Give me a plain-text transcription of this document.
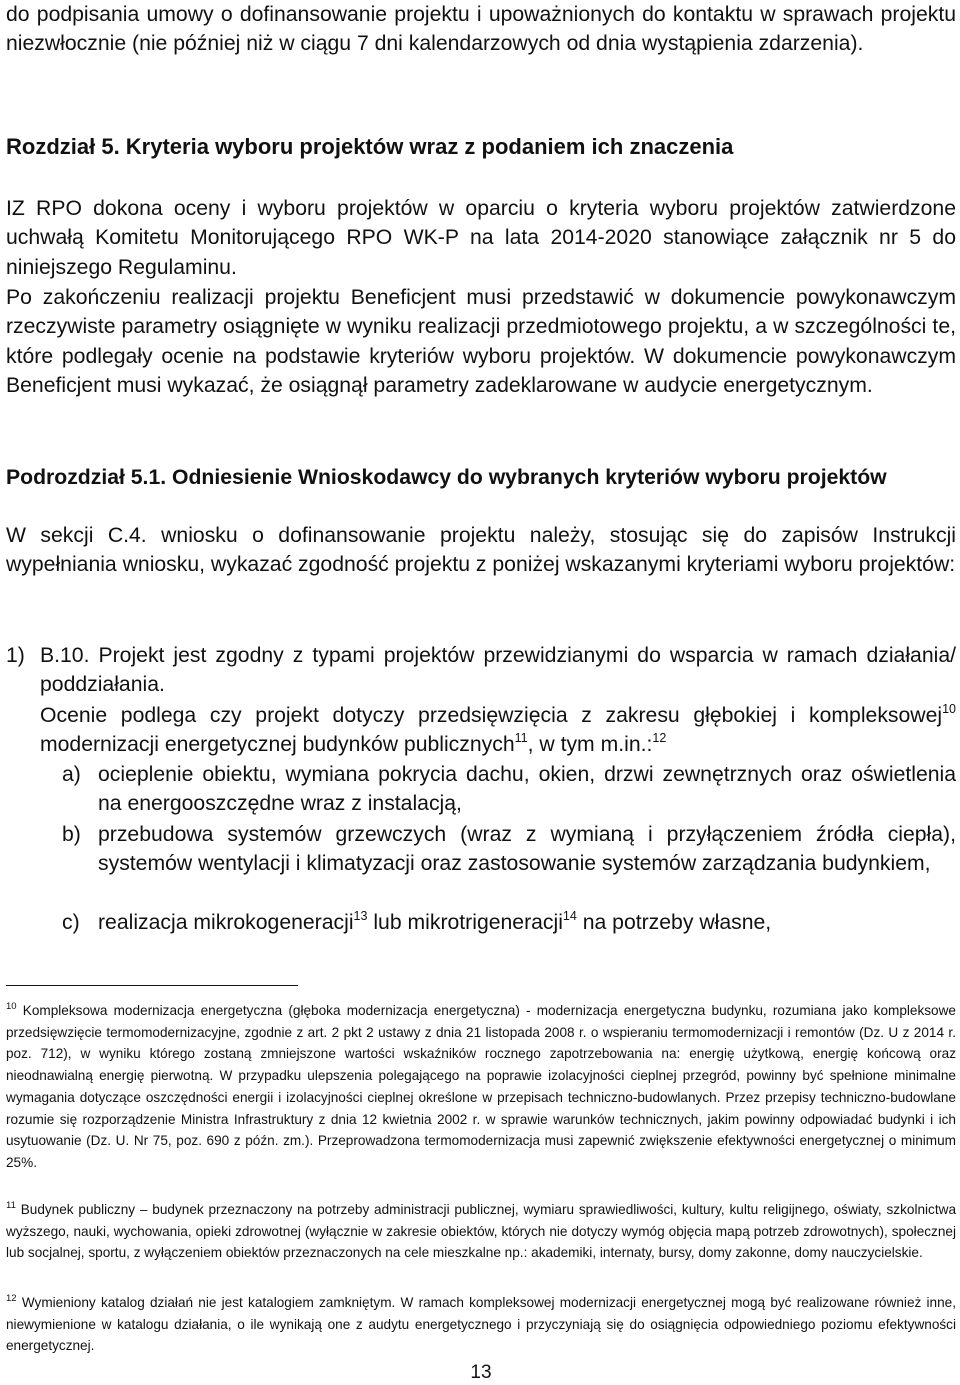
do podpisania umowy o dofinansowanie projektu i upoważnionych do kontaktu w sprawach projektu niezwłocznie (nie później niż w ciągu 7 dni kalendarzowych od dnia wystąpienia zdarzenia).
Rozdział 5. Kryteria wyboru projektów wraz z podaniem ich znaczenia
IZ RPO dokona oceny i wyboru projektów w oparciu o kryteria wyboru projektów zatwierdzone uchwałą Komitetu Monitorującego RPO WK-P na lata 2014-2020 stanowiące załącznik nr 5 do niniejszego Regulaminu.
Po zakończeniu realizacji projektu Beneficjent musi przedstawić w dokumencie powykonawczym rzeczywiste parametry osiągnięte w wyniku realizacji przedmiotowego projektu, a w szczególności te, które podlegały ocenie na podstawie kryteriów wyboru projektów. W dokumencie powykonawczym Beneficjent musi wykazać, że osiągnął parametry zadeklarowane w audycie energetycznym.
Podrozdział 5.1. Odniesienie Wnioskodawcy do wybranych kryteriów wyboru projektów
W sekcji C.4. wniosku o dofinansowanie projektu należy, stosując się do zapisów Instrukcji wypełniania wniosku, wykazać zgodność projektu z poniżej wskazanymi kryteriami wyboru projektów:
1) B.10. Projekt jest zgodny z typami projektów przewidzianymi do wsparcia w ramach działania/ poddziałania.
Ocenie podlega czy projekt dotyczy przedsięwzięcia z zakresu głębokiej i kompleksowej$^{10}$ modernizacji energetycznej budynków publicznych$^{11}$, w tym m.in.:$^{12}$
a) ocieplenie obiektu, wymiana pokrycia dachu, okien, drzwi zewnętrznych oraz oświetlenia na energooszczędne wraz z instalacją,
b) przebudowa systemów grzewczych (wraz z wymianą i przyłączeniem źródła ciepła), systemów wentylacji i klimatyzacji oraz zastosowanie systemów zarządzania budynkiem,
c) realizacja mikrokogeneracji$^{13}$ lub mikrotrigeneracji$^{14}$ na potrzeby własne,
$^{10}$ Kompleksowa modernizacja energetyczna (głęboka modernizacja energetyczna) - modernizacja energetyczna budynku, rozumiana jako kompleksowe przedsięwzięcie termomodernizacyjne, zgodnie z art. 2 pkt 2 ustawy z dnia 21 listopada 2008 r. o wspieraniu termomodernizacji i remontów (Dz. U z 2014 r. poz. 712), w wyniku którego zostaną zmniejszone wartości wskaźników rocznego zapotrzebowania na: energię użytkową, energię końcową oraz nieodnawialną energię pierwotną. W przypadku ulepszenia polegającego na poprawie izolacyjności cieplnej przegród, powinny być spełnione minimalne wymagania dotyczące oszczędności energii i izolacyjności cieplnej określone w przepisach techniczno-budowlanych. Przez przepisy techniczno-budowlane rozumie się rozporządzenie Ministra Infrastruktury z dnia 12 kwietnia 2002 r. w sprawie warunków technicznych, jakim powinny odpowiadać budynki i ich usytuowanie (Dz. U. Nr 75, poz. 690 z późn. zm.). Przeprowadzona termomodernizacja musi zapewnić zwiększenie efektywności energetycznej o minimum 25%.
$^{11}$ Budynek publiczny – budynek przeznaczony na potrzeby administracji publicznej, wymiaru sprawiedliwości, kultury, kultu religijnego, oświaty, szkolnictwa wyższego, nauki, wychowania, opieki zdrowotnej (wyłącznie w zakresie obiektów, których nie dotyczy wymóg objęcia mapą potrzeb zdrowotnych), społecznej lub socjalnej, sportu, z wyłączeniem obiektów przeznaczonych na cele mieszkalne np.: akademiki, internaty, bursy, domy zakonne, domy nauczycielskie.
$^{12}$ Wymieniony katalog działań nie jest katalogiem zamkniętym. W ramach kompleksowej modernizacji energetycznej mogą być realizowane również inne, niewymienione w katalogu działania, o ile wynikają one z audytu energetycznego i przyczyniają się do osiągnięcia odpowiedniego poziomu efektywności energetycznej.
13
